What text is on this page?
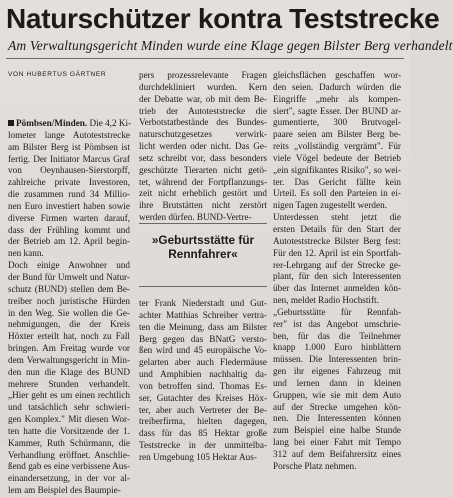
Naturschützer kontra Teststrecke
Am Verwaltungsgericht Minden wurde eine Klage gegen Bilster Berg verhandelt
VON HUBERTUS GÄRTNER
Pömbsen/Minden. Die 4,2 Ki-
lometer lange Autoteststrecke
am Bilster Berg ist Pömbsen ist
fertig. Der Initiator Marcus Graf
von Oeynhausen-Sierstorpff,
zahlreiche private Investoren,
die zusammen rund 34 Millio-
nen Euro investiert haben sowie
diverse Firmen warten darauf,
dass der Frühling kommt und
der Betrieb am 12. April begin-
nen kann.
Doch einige Anwohner und
der Bund für Umwelt und Natur-
schutz (BUND) stellen dem Be-
treiber noch juristische Hürden
in den Weg. Sie wollen die Ge-
nehmigungen, die der Kreis
Höxter erteilt hat, noch zu Fall
bringen. Am Freitag wurde vor
dem Verwaltungsgericht in Min-
den nun die Klage des BUND
mehrere Stunden verhandelt.
„Hier geht es um einen rechtlich
und tatsächlich sehr schwieri-
gen Komplex." Mit diesen Wor-
ten hatte die Vorsitzende der 1.
Kammer, Ruth Schürmann, die
Verhandlung eröffnet. Anschlie-
ßend gab es eine verbissene Aus-
einandersetzung, in der vor al-
lem am Beispiel des Baumpie-
pers prozessrelevante Fragen
durchdekliniert wurden. Kern
der Debatte war, ob mit dem Be-
trieb der Autoteststrecke die
Verbotstatbestände des Bundes-
naturschutzgesetzes verwirk-
licht werden oder nicht. Das Ge-
setz schreibt vor, dass besonders
geschützte Tierarten nicht getö-
tet, während der Fortpflanzungs-
zeit nicht erheblich gestört und
ihre Brutstätten nicht zerstört
werden dürfen. BUND-Vertre-
»Geburtsstätte für
Rennfahrer«
ter Frank Niederstadt und Gut-
achter Matthias Schreiber vertra-
ten die Meinung, dass am Bilster
Berg gegen das BNatG versto-
ßen wird und 45 europäische Vo-
gelarten aber auch Fledermäuse
und Amphibien nachhaltig da-
von betroffen sind. Thomas Es-
ser, Gutachter des Kreises Höx-
ter, aber auch Vertreter der Be-
treiberfirma, hielten dagegen,
dass für das 85 Hektar große
Teststrecke in der unmittelba-
ren Umgebung 105 Hektar Aus-
gleichsflächen geschaffen wor-
den seien. Dadurch würden die
Eingriffe „mehr als kompen-
siert", sagte Esser. Der BUND ar-
gumentierte, 300 Brutvogel-
paare seien am Bilster Berg be-
reits „vollständig vergrämt". Für
viele Vögel bedeute der Betrieb
„ein signifikantes Risiko", so wei-
ter. Das Gericht fällte kein
Urteil. Es soll den Parteien in ei-
nigen Tagen zugestellt werden.
Unterdessen steht jetzt die
ersten Details für den Start der
Autoteststrecke Bilster Berg fest:
Für den 12. April ist ein Sportfah-
rer-Lehrgang auf der Strecke ge-
plant, für den sich Interessenten
über das Internet anmelden kön-
nen, meldet Radio Hochstift.
„Geburtsstätte für Rennfah-
rer" ist das Angebot umschrie-
ben, für das die Teilnehmer
knapp 1.000 Euro hinblättern
müssen. Die Interessenten brin-
gen ihr eigenes Fahrzeug mit
und lernen dann in kleinen
Gruppen, wie sie mit dem Auto
auf der Strecke umgehen kön-
nen. Die Interessenten können
zum Beispiel eine halbe Stunde
lang bei einer Fahrt mit Tempo
312 auf dem Beifahrersitz eines
Porsche Platz nehmen.
